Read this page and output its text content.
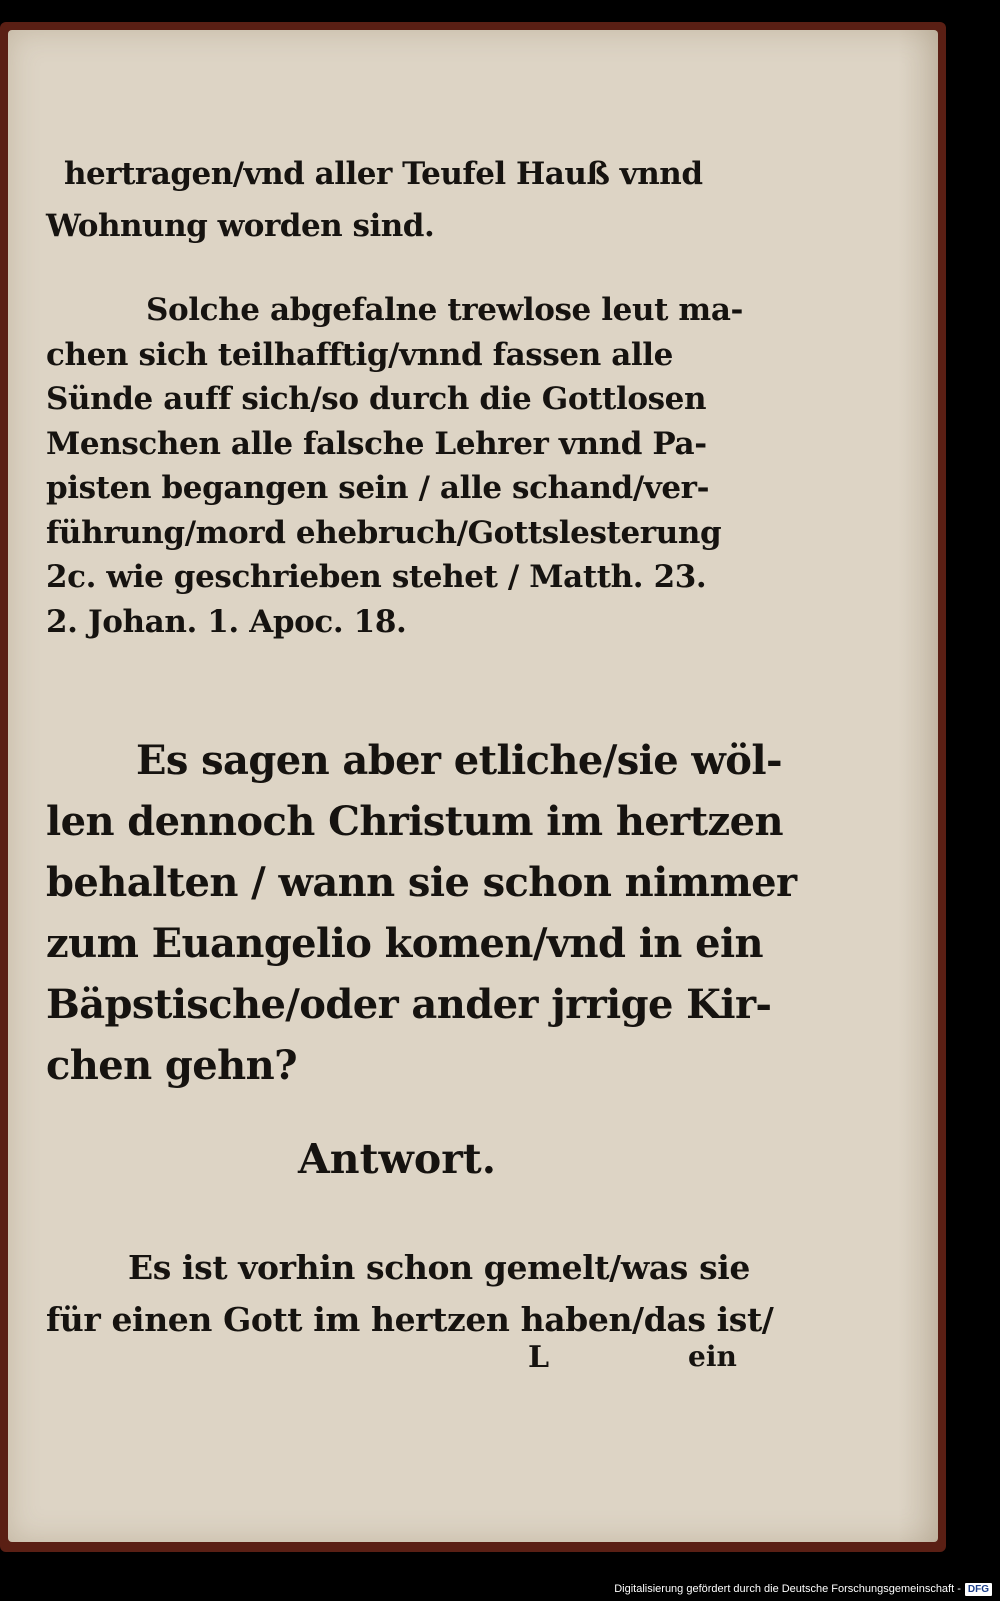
hertragen/vnd aller Teufel Hauß vnnd
Wohnung worden sind.
Solche abgefalne trewlose leut ma-
chen sich teilhafftig/vnnd fassen alle
Sünde auff sich/so durch die Gottlosen
Menschen alle falsche Lehrer vnnd Pa-
pisten begangen sein / alle schand/ver-
führung/mord ehebruch/Gottslesterung
2c. wie geschrieben stehet / Matth. 23.
2. Johan. 1. Apoc. 18.
Es sagen aber etliche/sie wöl-
len dennoch Christum im hertzen
behalten / wann sie schon nimmer
zum Euangelio komen/vnd in ein
Bäpstische/oder ander jrrige Kir-
chen gehn?
Antwort.
Es ist vorhin schon gemelt/was sie
für einen Gott im hertzen haben/das ist/
L	ein
Digitalisierung gefördert durch die Deutsche Forschungsgemeinschaft - DFG
